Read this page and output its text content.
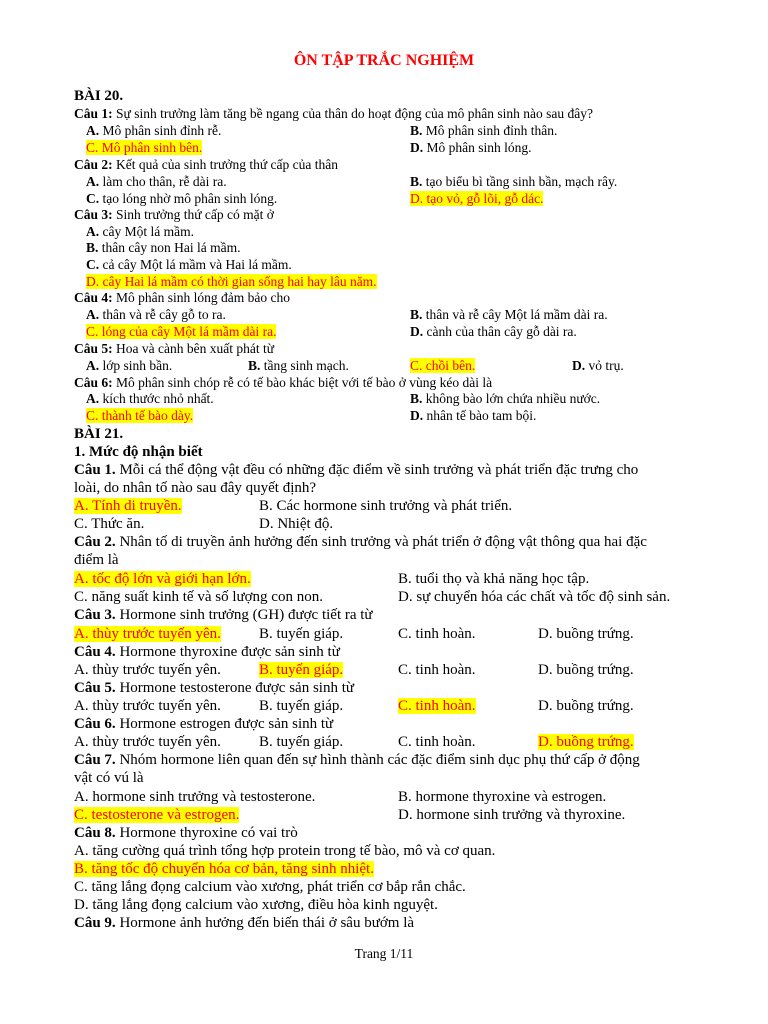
ÔN TẬP TRẮC NGHIỆM
BÀI 20.
Câu 1: Sự sinh trưởng làm tăng bề ngang của thân do hoạt động của mô phân sinh nào sau đây?
A. Mô phân sinh đỉnh rễ.	B. Mô phân sinh đỉnh thân.
C. Mô phân sinh bên.	D. Mô phân sinh lóng.
Câu 2: Kết quả của sinh trưởng thứ cấp của thân
A. làm cho thân, rễ dài ra.	B. tạo biểu bì tầng sinh bần, mạch rây.
C. tạo lóng nhờ mô phân sinh lóng.	D. tạo vỏ, gỗ lõi, gỗ dác.
Câu 3: Sinh trưởng thứ cấp có mặt ở
A. cây Một lá mầm.
B. thân cây non Hai lá mầm.
C. cả cây Một lá mầm và Hai lá mầm.
D. cây Hai lá mầm có thời gian sống hai hay lâu năm.
Câu 4: Mô phân sinh lóng đảm bảo cho
A. thân và rễ cây gỗ to ra.	B. thân và rễ cây Một lá mầm dài ra.
C. lóng của cây Một lá mầm dài ra.	D. cành của thân cây gỗ dài ra.
Câu 5: Hoa và cành bên xuất phát từ
A. lớp sinh bần.	B. tầng sinh mạch.	C. chồi bên.	D. vỏ trụ.
Câu 6: Mô phân sinh chóp rễ có tế bào khác biệt với tế bào ở vùng kéo dài là
A. kích thước nhỏ nhất.	B. không bào lớn chứa nhiều nước.
C. thành tế bào dày.	D. nhân tế bào tam bội.
BÀI 21.
1. Mức độ nhận biết
Câu 1. Mỗi cá thể động vật đều có những đặc điểm về sinh trưởng và phát triển đặc trưng cho
loài, do nhân tố nào sau đây quyết định?
A. Tính di truyền.	B. Các hormone sinh trưởng và phát triển.
C. Thức ăn.	D. Nhiệt độ.
Câu 2. Nhân tố di truyền ảnh hưởng đến sinh trưởng và phát triển ở động vật thông qua hai đặc
điểm là
A. tốc độ lớn và giới hạn lớn.	B. tuổi thọ và khả năng học tập.
C. năng suất kinh tế và số lượng con non.	D. sự chuyển hóa các chất và tốc độ sinh sản.
Câu 3. Hormone sinh trưởng (GH) được tiết ra từ
A. thùy trước tuyến yên.	B. tuyến giáp.	C. tinh hoàn.	D. buồng trứng.
Câu 4. Hormone thyroxine được sản sinh từ
A. thùy trước tuyến yên.	B. tuyến giáp.	C. tinh hoàn.	D. buồng trứng.
Câu 5. Hormone testosterone được sản sinh từ
A. thùy trước tuyến yên.	B. tuyến giáp.	C. tinh hoàn.	D. buồng trứng.
Câu 6. Hormone estrogen được sản sinh từ
A. thùy trước tuyến yên.	B. tuyến giáp.	C. tinh hoàn.	D. buồng trứng.
Câu 7. Nhóm hormone liên quan đến sự hình thành các đặc điểm sinh dục phụ thứ cấp ở động
vật có vú là
A. hormone sinh trưởng và testosterone.	B. hormone thyroxine và estrogen.
C. testosterone và estrogen.	D. hormone sinh trưởng và thyroxine.
Câu 8. Hormone thyroxine có vai trò
A. tăng cường quá trình tổng hợp protein trong tế bào, mô và cơ quan.
B. tăng tốc độ chuyển hóa cơ bản, tăng sinh nhiệt.
C. tăng lắng đọng calcium vào xương, phát triển cơ bắp rắn chắc.
D. tăng lắng đọng calcium vào xương, điều hòa kinh nguyệt.
Câu 9. Hormone ảnh hưởng đến biến thái ở sâu bướm là
Trang 1/11
